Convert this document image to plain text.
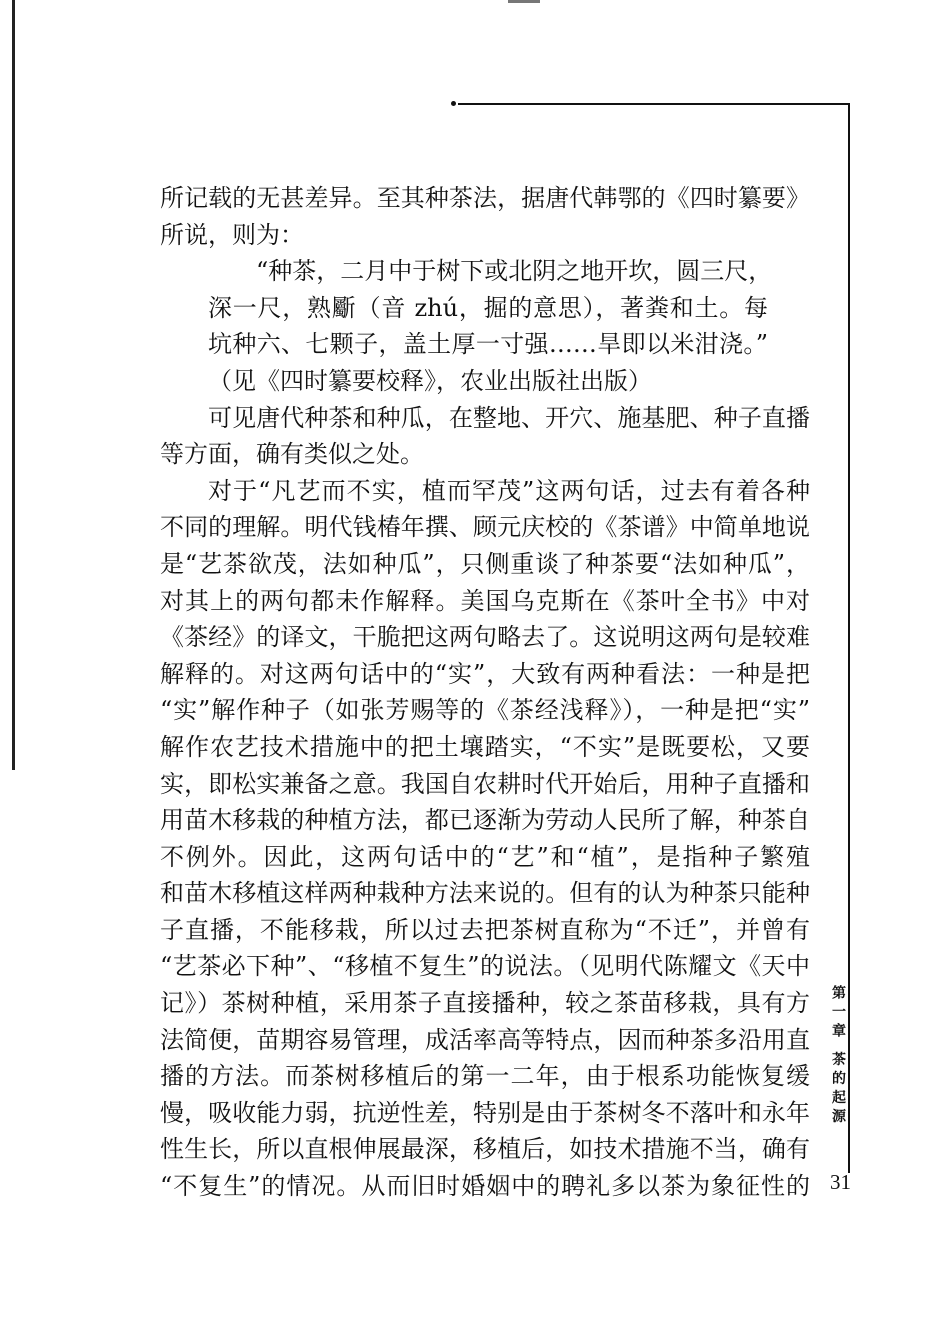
所记载的无甚差异。至其种茶法，据唐代韩鄂的《四时纂要》
所说，则为：
“种茶，二月中于树下或北阴之地开坎，圆三尺，
深一尺，熟斸（音 zhú，掘的意思），著粪和土。每
坑种六、七颗子，盖土厚一寸强……旱即以米泔浇。”
（见《四时纂要校释》，农业出版社出版）
可见唐代种茶和种瓜，在整地、开穴、施基肥、种子直播
等方面，确有类似之处。
对于“凡艺而不实，植而罕茂”这两句话，过去有着各种
不同的理解。明代钱椿年撰、顾元庆校的《茶谱》中简单地说
是“艺茶欲茂，法如种瓜”，只侧重谈了种茶要“法如种瓜”，
对其上的两句都未作解释。美国乌克斯在《茶叶全书》中对
《茶经》的译文，干脆把这两句略去了。这说明这两句是较难
解释的。对这两句话中的“实”，大致有两种看法：一种是把
“实”解作种子（如张芳赐等的《茶经浅释》），一种是把“实”
解作农艺技术措施中的把土壤踏实，“不实”是既要松，又要
实，即松实兼备之意。我国自农耕时代开始后，用种子直播和
用苗木移栽的种植方法，都已逐渐为劳动人民所了解，种茶自
不例外。因此，这两句话中的“艺”和“植”，是指种子繁殖
和苗木移植这样两种栽种方法来说的。但有的认为种茶只能种
子直播，不能移栽，所以过去把茶树直称为“不迁”，并曾有
“艺茶必下种”、“移植不复生”的说法。（见明代陈耀文《天中
记》）茶树种植，采用茶子直接播种，较之茶苗移栽，具有方
法简便，苗期容易管理，成活率高等特点，因而种茶多沿用直
播的方法。而茶树移植后的第一二年，由于根系功能恢复缓
慢，吸收能力弱，抗逆性差，特别是由于茶树冬不落叶和永年
性生长，所以直根伸展最深，移植后，如技术措施不当，确有
“不复生”的情况。从而旧时婚姻中的聘礼多以茶为象征性的
第一章 茶的起源
31
